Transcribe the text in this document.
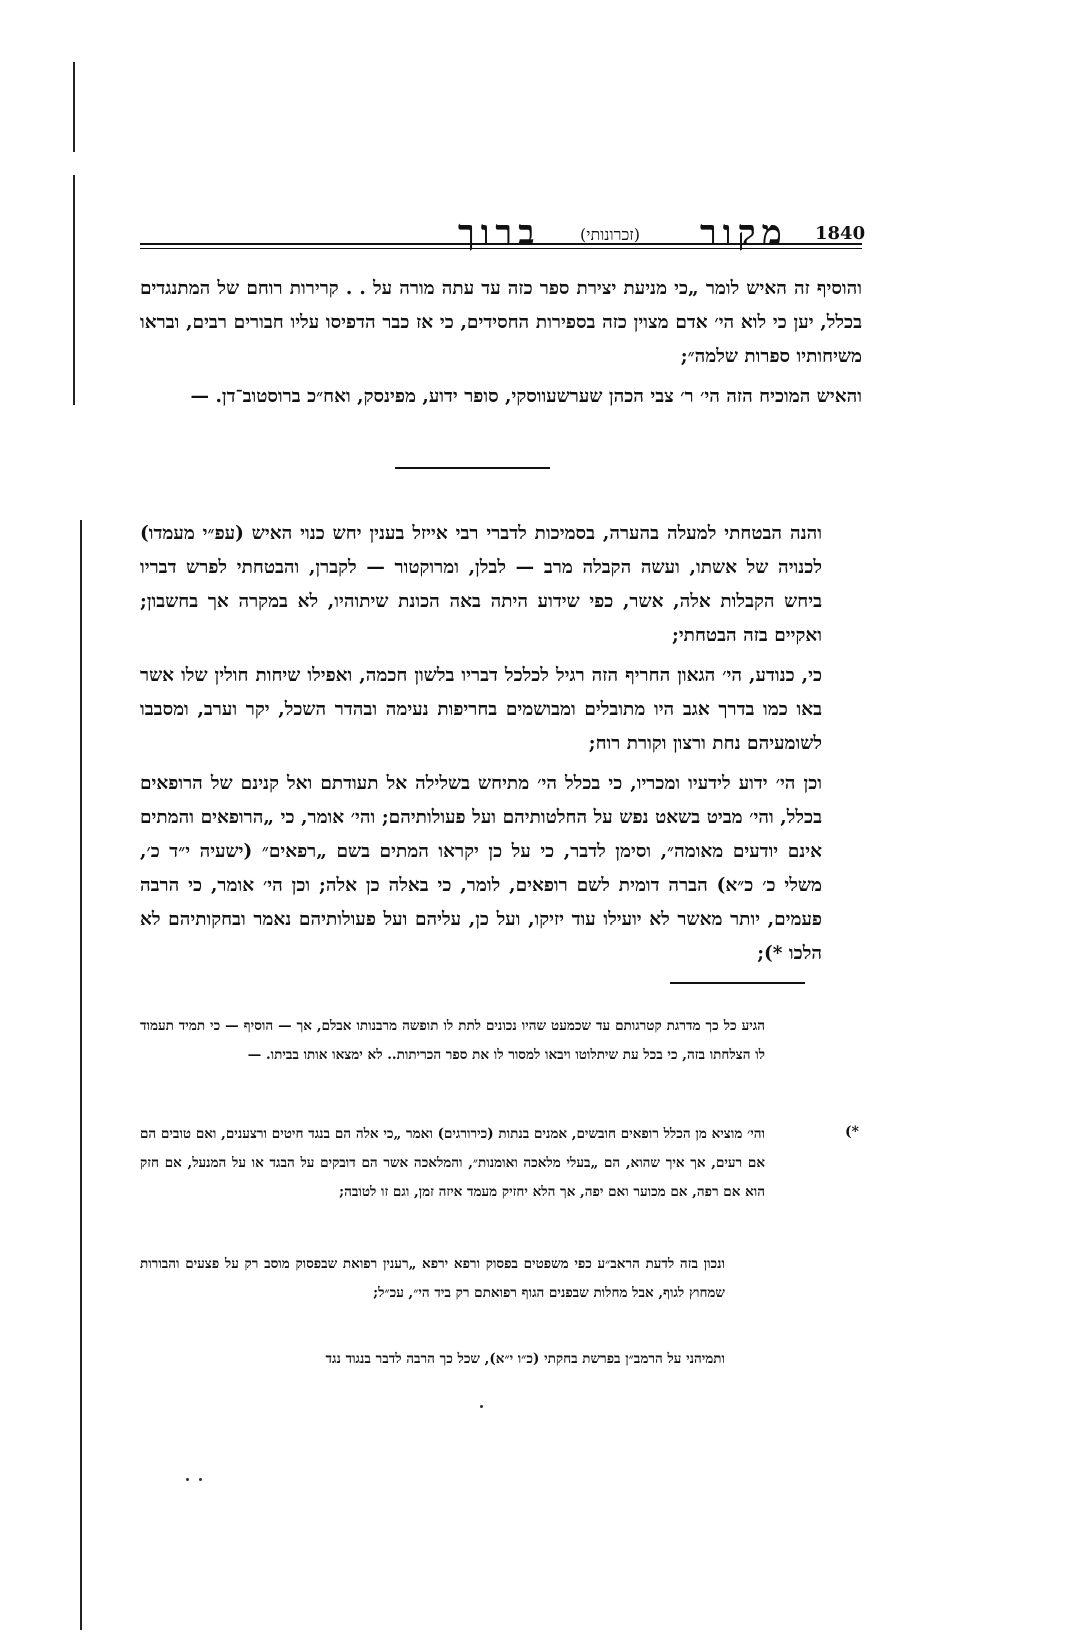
ברוך (זכרונותי) מקור 1840

והוסיף זה האיש לומר „כי מניעת יצירת ספר כזה עד עתה מורה על . . קרירות רוחם של המתנגדים בכלל, יען כי לוא הי׳ אדם מצוין כזה בספירות החסידים, כי אז כבר הדפיסו עליו חבורים רבים, ובראו משיחותיו ספרות שלמה״;

והאיש המוכיח הזה הי׳ ר׳ צבי הכהן שערשעווסקי, סופר ידוע, מפינסק, ואח״כ ברוסטוב־דן. —

והנה הבטחתי למעלה בהערה, בסמיכות לדברי רבי אייזל בענין יחש כנוי האיש (עפ״י מעמדו) לכנויה של אשתו, ועשה הקבלה מרב — לבלן, ומרוקטור — לקברן, והבטחתי לפרש דבריו ביחש הקבלות אלה, אשר, כפי שידוע היתה באה הכונת שיתוהיו, לא במקרה אך בחשבון; ואקיים בזה הבטחתי;

כי, כנודע, הי׳ הגאון החריף הזה רגיל לכלכל דבריו בלשון חכמה, ואפילו שיחות חולין שלו אשר באו כמו בדרך אגב היו מתובלים ומבושמים בחריפות נעימה ובהדר השכל, יקר וערב, ומסבבו לשומעיהם נחת ורצון וקורת רוח;

וכן הי׳ ידוע לידעיו ומכריו, כי בכלל הי׳ מתיחש בשלילה אל תעודתם ואל קנינם של הרופאים בכלל, והי׳ מביט בשאט נפש על החלטותיהם ועל פעולותיהם; והי׳ אומר, כי „הרופאים והמתים אינם יודעים מאומה״, וסימן לדבר, כי על כן יקראו המתים בשם „רפאים״ (ישעיה י״ד כ׳, משלי כ׳ כ״א) הברה דומית לשם רופאים, לומר, כי באלה כן אלה; וכן הי׳ אומר, כי הרבה פעמים, יותר מאשר לא יועילו עוד יזיקו, ועל כן, עליהם ועל פעולותיהם נאמר ובחקותיהם לא הלכו *);

הגיע כל כך מדרגת קטרגותם עד שכמעט שהיו נכונים לתת לו תופשה מרבנותו אבלם, אך — הוסיף — כי תמיד תעמוד לו הצלחתו בזה, כי בכל עת שיתלוטו ויבאו למסור לו את ספר הכריתות.. לא ימצאו אותו בביתו. —

*)

והי׳ מוציא מן הכלל רופאים חובשים, אמנים בנתות (כירורגים) ואמר „כי אלה הם בנגד חיטים ורצענים, ואם טובים הם אם רעים, אך איך שהוא, הם „בעלי מלאכה ואומנות״, והמלאכה אשר הם דובקים על הבגד או על המנעל, אם חזק הוא אם רפה, אם מכוער ואם יפה, אך הלא יחזיק מעמד איזה זמן, וגם זו לטובה;

ונכון בזה לדעת הראב״ע כפי משפטים בפסוק ורפא ירפא „רענין רפואת שבפסוק מוסב רק על פצעים והבורות שמחוץ לגוף, אבל מחלות שבפנים הגוף רפואתם רק ביד הי״, עכ״ל;

ותמיהני על הרמב״ן בפרשת בחקתי (כ״ו י״א), שכל כך הרבה לדבר בנגוד נגד
